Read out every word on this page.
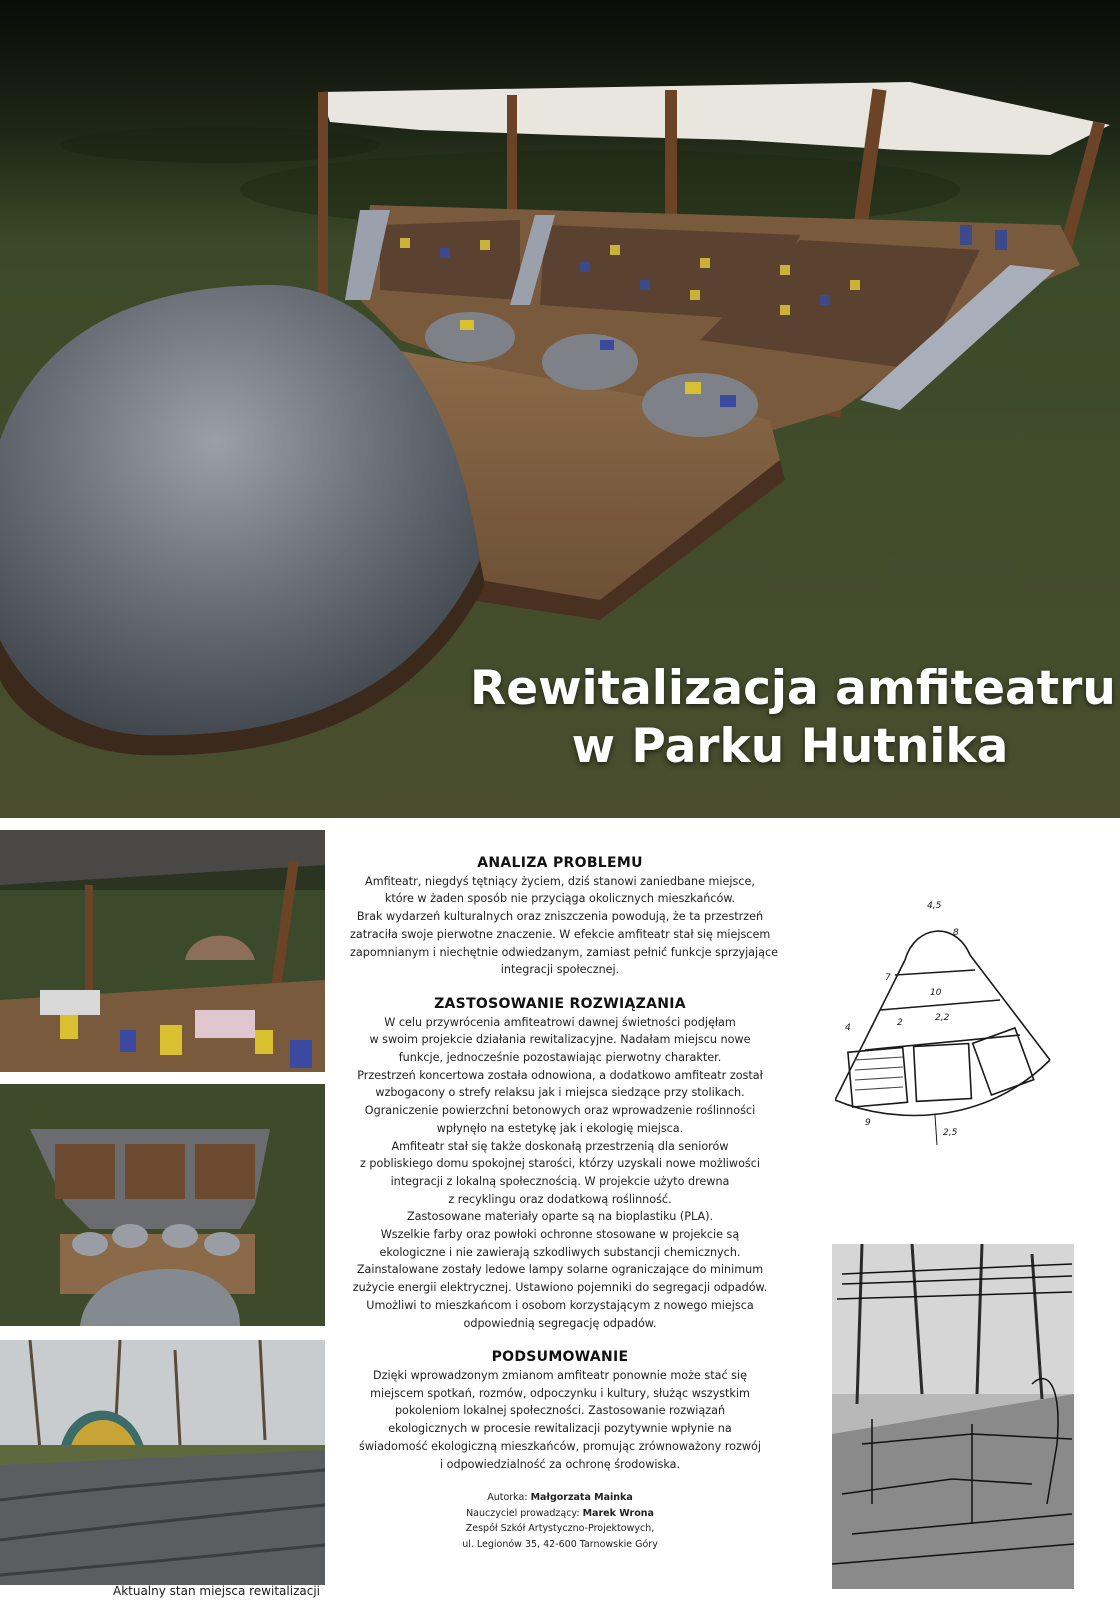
Rewitalizacja amfiteatru
w Parku Hutnika
Aktualny stan miejsca rewitalizacji
ANALIZA PROBLEMU
Amfiteatr, niegdyś tętniący życiem, dziś stanowi zaniedbane miejsce,
które w żaden sposób nie przyciąga okolicznych mieszkańców.
Brak wydarzeń kulturalnych oraz zniszczenia powodują, że ta przestrzeń
zatraciła swoje pierwotne znaczenie. W efekcie amfiteatr stał się miejscem
zapomnianym i niechętnie odwiedzanym, zamiast pełnić funkcje sprzyjające
integracji społecznej.
ZASTOSOWANIE ROZWIĄZANIA
W celu przywrócenia amfiteatrowi dawnej świetności podjęłam
w swoim projekcie działania rewitalizacyjne. Nadałam miejscu nowe
funkcje, jednocześnie pozostawiając pierwotny charakter.
Przestrzeń koncertowa została odnowiona, a dodatkowo amfiteatr został
wzbogacony o strefy relaksu jak i miejsca siedzące przy stolikach.
Ograniczenie powierzchni betonowych oraz wprowadzenie roślinności
wpłynęło na estetykę jak i ekologię miejsca.
Amfiteatr stał się także doskonałą przestrzenią dla seniorów
z pobliskiego domu spokojnej starości, którzy uzyskali nowe możliwości
integracji z lokalną społecznością. W projekcie użyto drewna
z recyklingu oraz dodatkową roślinność.
Zastosowane materiały oparte są na bioplastiku (PLA).
Wszelkie farby oraz powłoki ochronne stosowane w projekcie są
ekologiczne i nie zawierają szkodliwych substancji chemicznych.
Zainstalowane zostały ledowe lampy solarne ograniczające do minimum
zużycie energii elektrycznej. Ustawiono pojemniki do segregacji odpadów.
Umożliwi to mieszkańcom i osobom korzystającym z nowego miejsca
odpowiednią segregację odpadów.
PODSUMOWANIE
Dzięki wprowadzonym zmianom amfiteatr ponownie może stać się
miejscem spotkań, rozmów, odpoczynku i kultury, służąc wszystkim
pokoleniom lokalnej społeczności. Zastosowanie rozwiązań
ekologicznych w procesie rewitalizacji pozytywnie wpłynie na
świadomość ekologiczną mieszkańców, promując zrównoważony rozwój
i odpowiedzialność za ochronę środowiska.
Autorka: Małgorzata Mainka
Nauczyciel prowadzący: Marek Wrona
Zespół Szkół Artystyczno-Projektowych,
ul. Legionów 35, 42-600 Tarnowskie Góry
4,5
8
7
10
2	2,2
9
2,5
4
